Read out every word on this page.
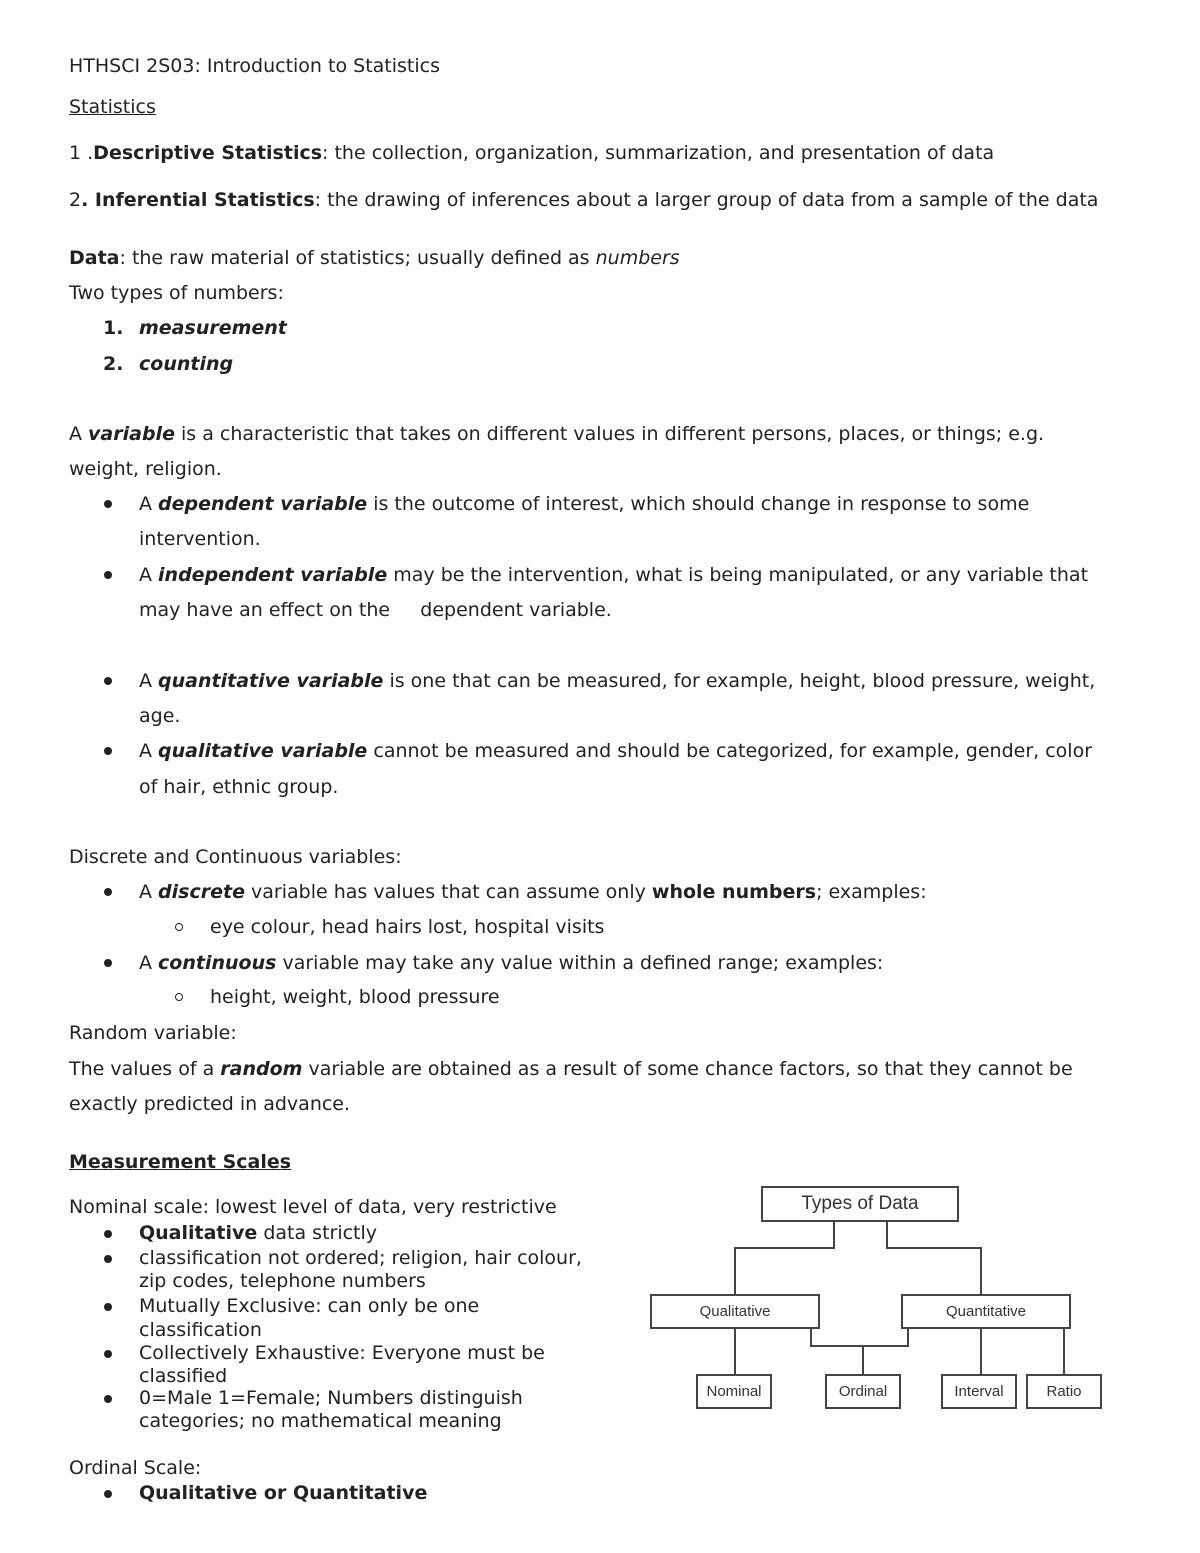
HTHSCI 2S03: Introduction to Statistics
Statistics
1 .Descriptive Statistics: the collection, organization, summarization, and presentation of data
2. Inferential Statistics: the drawing of inferences about a larger group of data from a sample of the data
Data: the raw material of statistics; usually defined as numbers
Two types of numbers:
1. measurement
2. counting
A variable is a characteristic that takes on different values in different persons, places, or things; e.g.
weight, religion.
A dependent variable is the outcome of interest, which should change in response to some
intervention.
A independent variable may be the intervention, what is being manipulated, or any variable that
may have an effect on the     dependent variable.
A quantitative variable is one that can be measured, for example, height, blood pressure, weight,
age.
A qualitative variable cannot be measured and should be categorized, for example, gender, color
of hair, ethnic group.
Discrete and Continuous variables:
A discrete variable has values that can assume only whole numbers; examples:
eye colour, head hairs lost, hospital visits
A continuous variable may take any value within a defined range; examples:
height, weight, blood pressure
Random variable:
The values of a random variable are obtained as a result of some chance factors, so that they cannot be
exactly predicted in advance.
Measurement Scales
Nominal scale: lowest level of data, very restrictive
Qualitative data strictly
classification not ordered; religion, hair colour,
zip codes, telephone numbers
Mutually Exclusive: can only be one
classification
Collectively Exhaustive: Everyone must be
classified
0=Male 1=Female; Numbers distinguish
categories; no mathematical meaning
Ordinal Scale:
Qualitative or Quantitative
Types of Data
Qualitative	Quantitative
Nominal	Ordinal	Interval	Ratio
